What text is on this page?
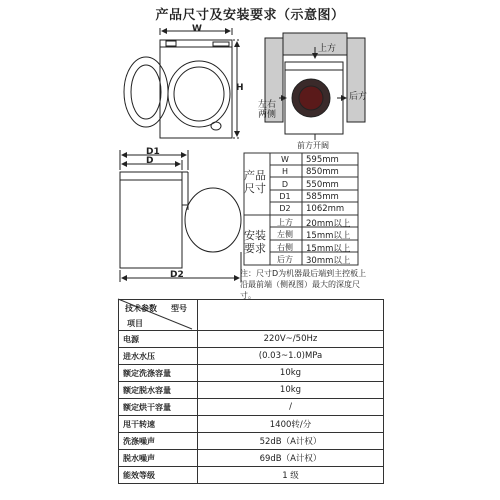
产品尺寸及安装要求（示意图）
W
H
上方
左右两侧
后方
前方开阔
D1
D
D2
产品尺寸
安装要求
W	595mm
H	850mm
D	550mm
D1	585mm
D2	1062mm
上方	20mm以上
左侧	15mm以上
右侧	15mm以上
后方	30mm以上
注：尺寸D为机器最后端到主控板上沿最前端（侧视图）最大的深度尺寸。
技术参数 型号
项目	

电源	220V~/50Hz
进水水压	(0.03~1.0)MPa
额定洗涤容量	10kg
额定脱水容量	10kg
额定烘干容量	/
甩干转速	1400转/分
洗涤噪声	52dB（A计权）
脱水噪声	69dB（A计权）
能效等级	1 级
